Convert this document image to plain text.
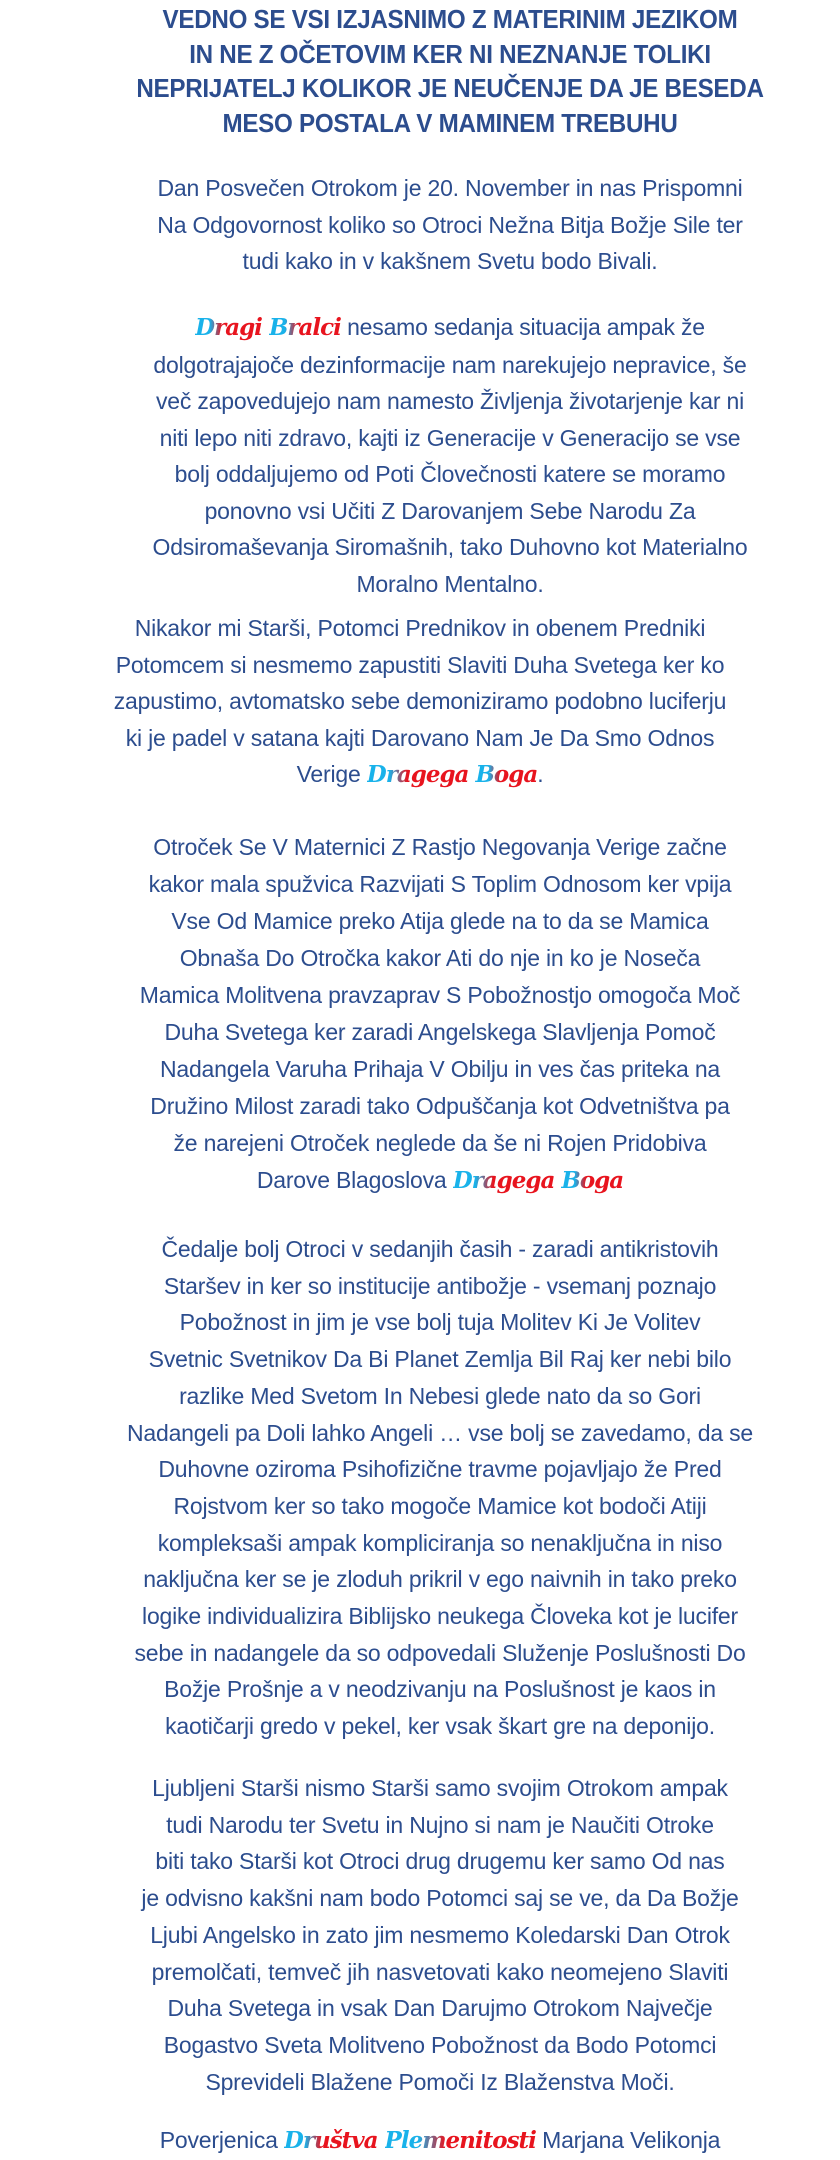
VEDNO SE VSI IZJASNIMO Z MATERINIM JEZIKOM
IN NE Z OČETOVIM KER NI NEZNANJE TOLIKI
NEPRIJATELJ KOLIKOR JE NEUČENJE DA JE BESEDA
MESO POSTALA V MAMINEM TREBUHU
Dan Posvečen Otrokom je 20. November in nas Prispomni
Na Odgovornost koliko so Otroci Nežna Bitja Božje Sile ter
tudi kako in v kakšnem Svetu bodo Bivali.
Dragi Bralci nesamo sedanja situacija ampak že
dolgotrajajoče dezinformacije nam narekujejo nepravice, še
več zapovedujejo nam namesto Življenja životarjenje kar ni
niti lepo niti zdravo, kajti iz Generacije v Generacijo se vse
bolj oddaljujemo od Poti Človečnosti katere se moramo
ponovno vsi Učiti Z Darovanjem Sebe Narodu Za
Odsiromaševanja Siromašnih, tako Duhovno kot Materialno
Moralno Mentalno.
Nikakor mi Starši, Potomci Prednikov in obenem Predniki
Potomcem si nesmemo zapustiti Slaviti Duha Svetega ker ko
zapustimo, avtomatsko sebe demoniziramo podobno luciferju
ki je padel v satana kajti Darovano Nam Je Da Smo Odnos
Verige Dragega Boga.
Otroček Se V Maternici Z Rastjo Negovanja Verige začne
kakor mala spužvica Razvijati S Toplim Odnosom ker vpija
Vse Od Mamice preko Atija glede na to da se Mamica
Obnaša Do Otročka kakor Ati do nje in ko je Noseča
Mamica Molitvena pravzaprav S Pobožnostjo omogoča Moč
Duha Svetega ker zaradi Angelskega Slavljenja Pomoč
Nadangela Varuha Prihaja V Obilju in ves čas priteka na
Družino Milost zaradi tako Odpuščanja kot Odvetništva pa
že narejeni Otroček neglede da še ni Rojen Pridobiva
Darove Blagoslova Dragega Boga
Čedalje bolj Otroci v sedanjih časih - zaradi antikristovih
Staršev in ker so institucije antibožje - vsemanj poznajo
Pobožnost in jim je vse bolj tuja Molitev Ki Je Volitev
Svetnic Svetnikov Da Bi Planet Zemlja Bil Raj ker nebi bilo
razlike Med Svetom In Nebesi glede nato da so Gori
Nadangeli pa Doli lahko Angeli … vse bolj se zavedamo, da se
Duhovne oziroma Psihofizične travme pojavljajo že Pred
Rojstvom ker so tako mogoče Mamice kot bodoči Atiji
kompleksaši ampak kompliciranja so nenaključna in niso
naključna ker se je zloduh prikril v ego naivnih in tako preko
logike individualizira Biblijsko neukega Človeka kot je lucifer
sebe in nadangele da so odpovedali Služenje Poslušnosti Do
Božje Prošnje a v neodzivanju na Poslušnost je kaos in
kaotičarji gredo v pekel, ker vsak škart gre na deponijo.
Ljubljeni Starši nismo Starši samo svojim Otrokom ampak
tudi Narodu ter Svetu in Nujno si nam je Naučiti Otroke
biti tako Starši kot Otroci drug drugemu ker samo Od nas
je odvisno kakšni nam bodo Potomci saj se ve, da Da Božje
Ljubi Angelsko in zato jim nesmemo Koledarski Dan Otrok
premolčati, temveč jih nasvetovati kako neomejeno Slaviti
Duha Svetega in vsak Dan Darujmo Otrokom Največje
Bogastvo Sveta Molitveno Pobožnost da Bodo Potomci
Sprevideli Blažene Pomoči Iz Blaženstva Moči.
Poverjenica Društva Plemenitosti Marjana Velikonja
